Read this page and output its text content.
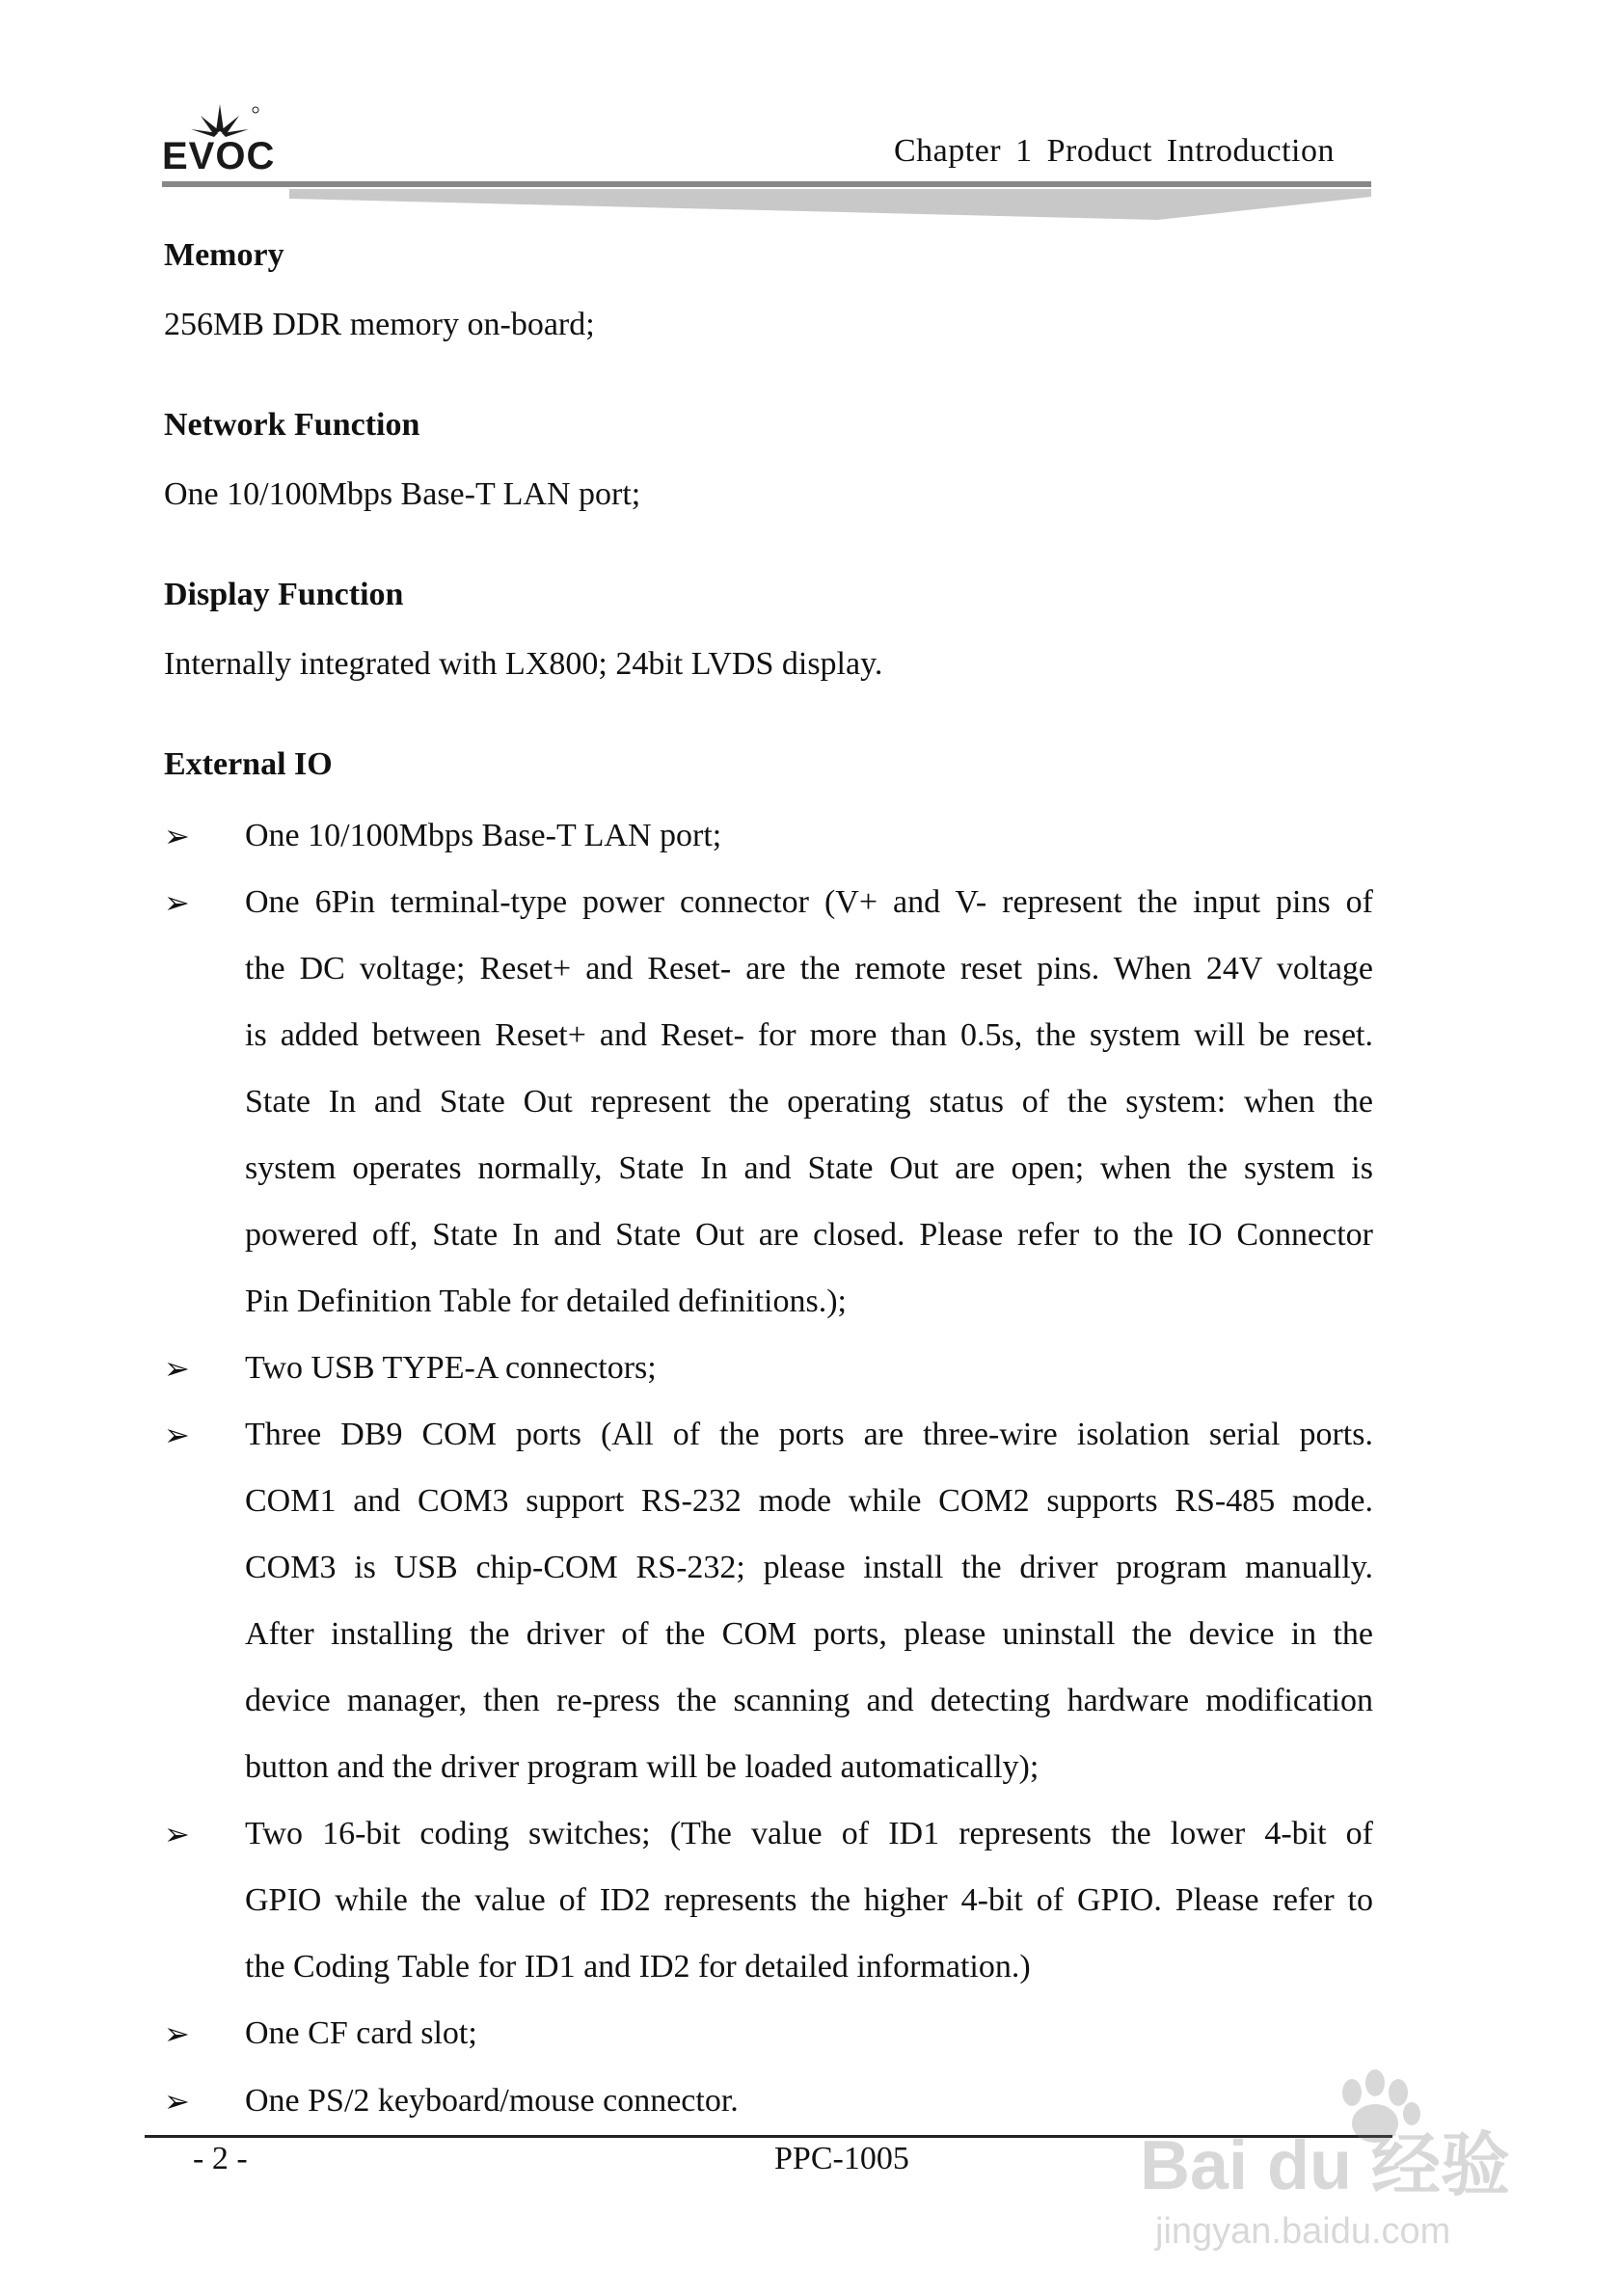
EVOC	Chapter 1 Product Introduction
Memory
256MB DDR memory on-board;
Network Function
One 10/100Mbps Base-T LAN port;
Display Function
Internally integrated with LX800; 24bit LVDS display.
External IO
➢ One 10/100Mbps Base-T LAN port;
➢ One 6Pin terminal-type power connector (V+ and V- represent the input pins of
the DC voltage; Reset+ and Reset- are the remote reset pins. When 24V voltage
is added between Reset+ and Reset- for more than 0.5s, the system will be reset.
State In and State Out represent the operating status of the system: when the
system operates normally, State In and State Out are open; when the system is
powered off, State In and State Out are closed. Please refer to the IO Connector
Pin Definition Table for detailed definitions.);
➢ Two USB TYPE-A connectors;
➢ Three DB9 COM ports (All of the ports are three-wire isolation serial ports.
COM1 and COM3 support RS-232 mode while COM2 supports RS-485 mode.
COM3 is USB chip-COM RS-232; please install the driver program manually.
After installing the driver of the COM ports, please uninstall the device in the
device manager, then re-press the scanning and detecting hardware modification
button and the driver program will be loaded automatically);
➢ Two 16-bit coding switches; (The value of ID1 represents the lower 4-bit of
GPIO while the value of ID2 represents the higher 4-bit of GPIO. Please refer to
the Coding Table for ID1 and ID2 for detailed information.)
➢ One CF card slot;
➢ One PS/2 keyboard/mouse connector.
- 2 -	PPC-1005	Bai du 经验
jingyan.baidu.com
